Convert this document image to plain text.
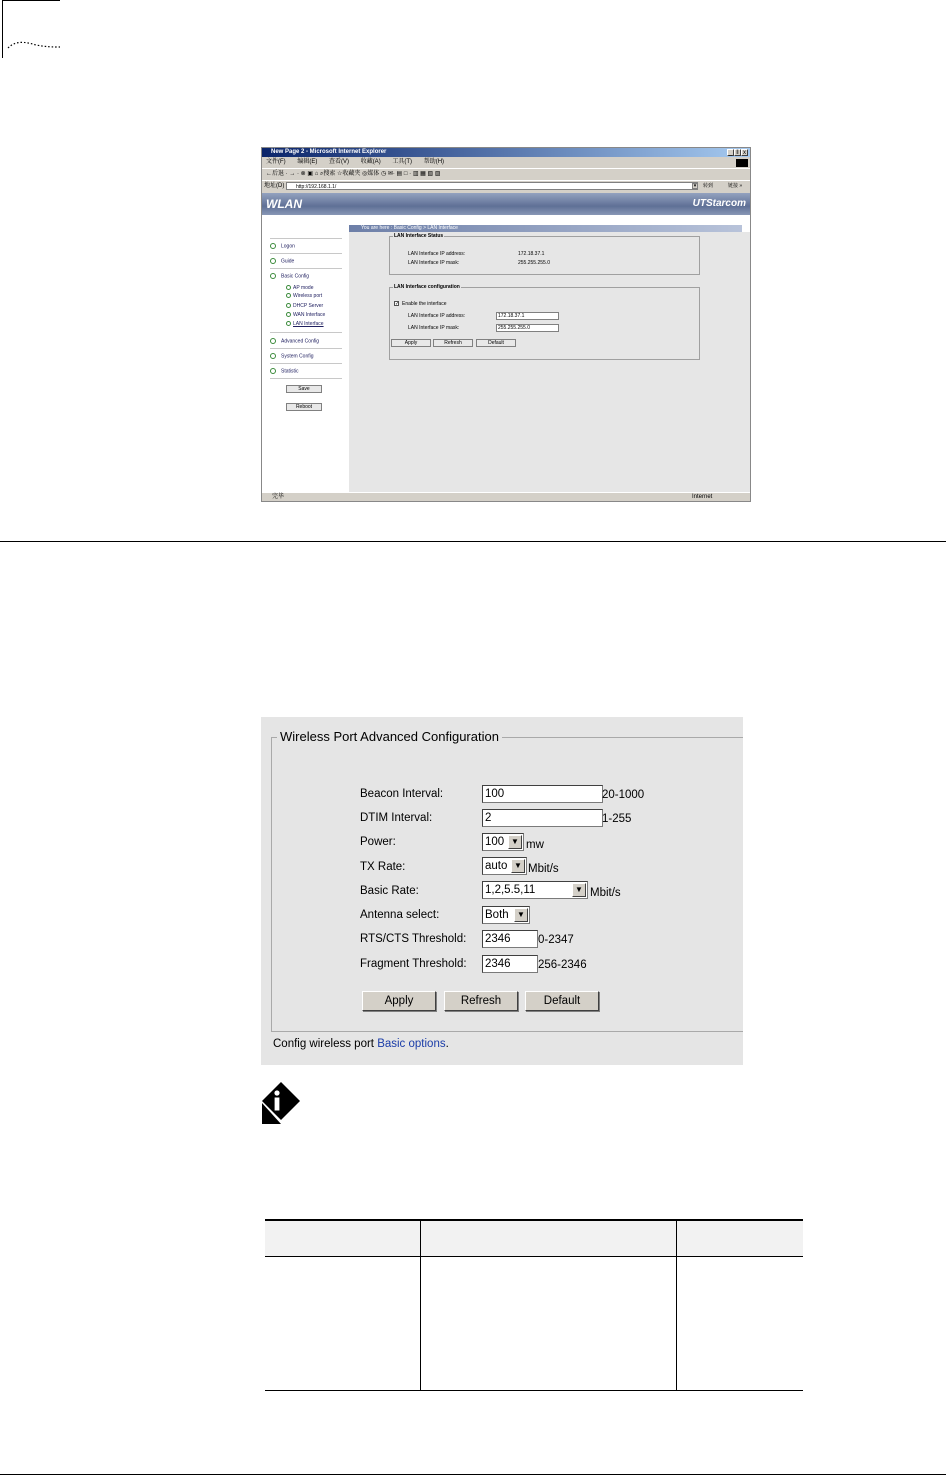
New Page 2 - Microsoft Internet Explorer	_ ǁ x
文件(F) 编辑(E) 查看(V) 收藏(A) 工具(T) 帮助(H)
←后退 · → · ⊗ ▣ ⌂ ⌕搜索 ☆收藏夹 ◎媒体 ◷ ✉· ▤ □ · ▥ ▦ ▧ ▨
地址(D)	http://192.168.1.1/	▾	转到	链接 »
WLAN	UTStarcom
Logon
Guide
Basic Config
AP mode
Wireless port
DHCP Server
WAN Interface
LAN Interface
Advanced Config
System Config
Statistic
Save
Reboot
LAN Interface Status
LAN Interface IP address:	172.18.37.1
LAN Interface IP mask:	255.255.255.0
LAN Interface configuration
✓ Enable the interface
LAN Interface IP address:	172.18.37.1
LAN Interface IP mask:	255.255.255.0
Apply	Refresh	Default
You are here : Basic Config > LAN Interface
完毕	Internet
Wireless Port Advanced Configuration
Beacon Interval:	100	20-1000
DTIM Interval:	2	1-255
Power:	100 ▼ mw
TX Rate:	auto ▼ Mbit/s
Basic Rate:	1,2,5.5,11	▼ Mbit/s
Antenna select:	Both	▼
RTS/CTS Threshold: 2346	0-2347
Fragment Threshold: 2346	256-2346
Apply	Refresh	Default
Config wireless port Basic options.
